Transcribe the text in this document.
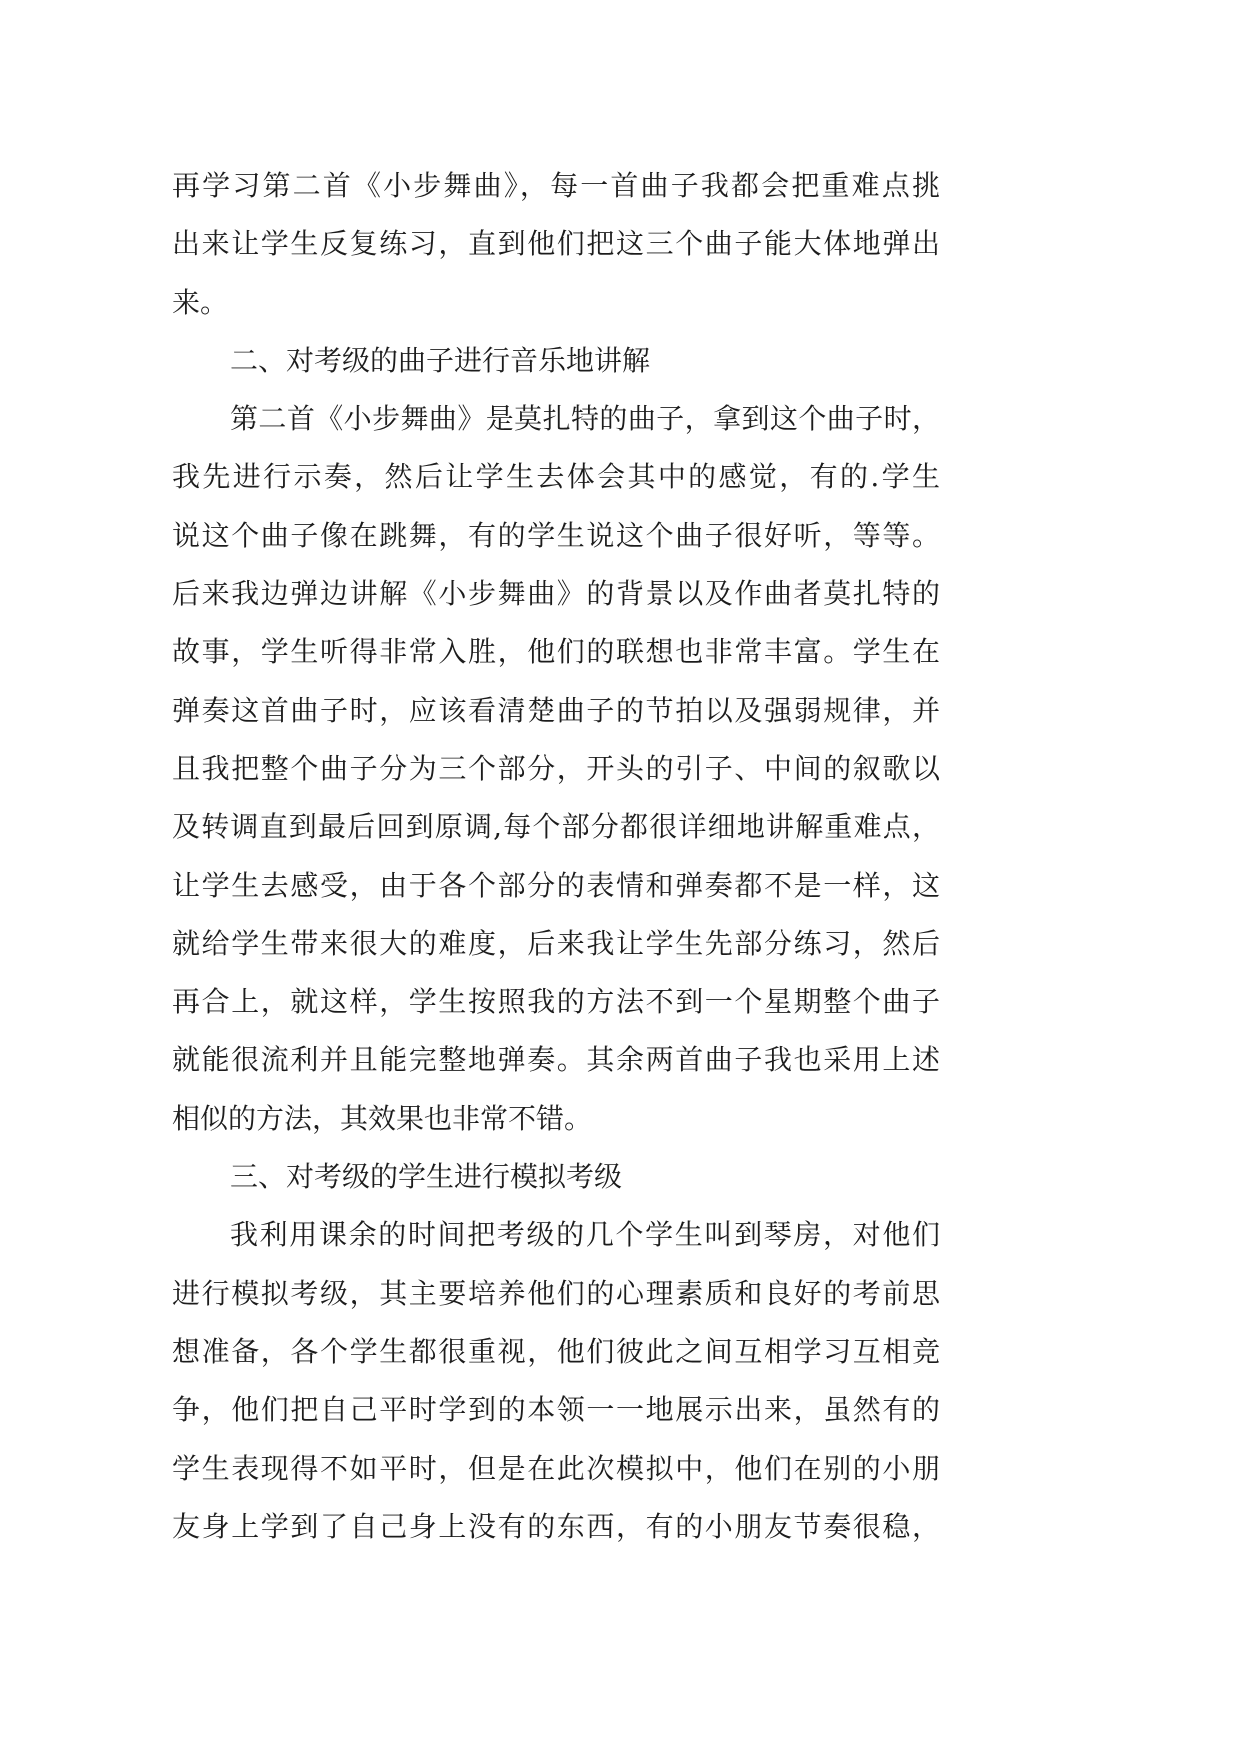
再学习第二首《小步舞曲》，每一首曲子我都会把重难点挑
出来让学生反复练习，直到他们把这三个曲子能大体地弹出
来。
二、对考级的曲子进行音乐地讲解
第二首《小步舞曲》是莫扎特的曲子，拿到这个曲子时，
我先进行示奏，然后让学生去体会其中的感觉，有的.学生
说这个曲子像在跳舞，有的学生说这个曲子很好听，等等。
后来我边弹边讲解《小步舞曲》的背景以及作曲者莫扎特的
故事，学生听得非常入胜，他们的联想也非常丰富。学生在
弹奏这首曲子时，应该看清楚曲子的节拍以及强弱规律，并
且我把整个曲子分为三个部分，开头的引子、中间的叙歌以
及转调直到最后回到原调,每个部分都很详细地讲解重难点，
让学生去感受，由于各个部分的表情和弹奏都不是一样，这
就给学生带来很大的难度，后来我让学生先部分练习，然后
再合上，就这样，学生按照我的方法不到一个星期整个曲子
就能很流利并且能完整地弹奏。其余两首曲子我也采用上述
相似的方法，其效果也非常不错。
三、对考级的学生进行模拟考级
我利用课余的时间把考级的几个学生叫到琴房，对他们
进行模拟考级，其主要培养他们的心理素质和良好的考前思
想准备，各个学生都很重视，他们彼此之间互相学习互相竞
争，他们把自己平时学到的本领一一地展示出来，虽然有的
学生表现得不如平时，但是在此次模拟中，他们在别的小朋
友身上学到了自己身上没有的东西，有的小朋友节奏很稳，
